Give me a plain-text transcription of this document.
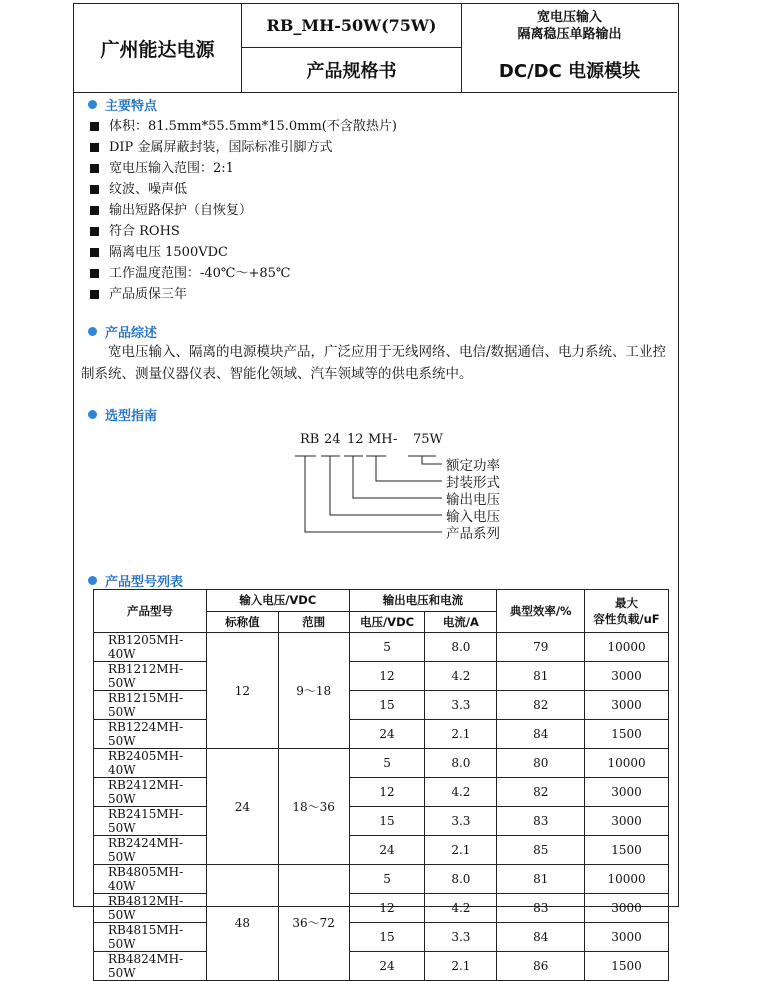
广州能达电源
RB_MH-50W(75W)
产品规格书
宽电压输入
隔离稳压单路输出
DC/DC 电源模块
主要特点
体积：81.5mm*55.5mm*15.0mm(不含散热片)
DIP 金属屏蔽封装，国际标准引脚方式
宽电压输入范围：2:1
纹波、噪声低
输出短路保护（自恢复）
符合 ROHS
隔离电压 1500VDC
工作温度范围：-40℃～+85℃
产品质保三年
产品综述
宽电压输入、隔离的电源模块产品，广泛应用于无线网络、电信/数据通信、电力系统、工业控制系统、测量仪器仪表、智能化领域、汽车领域等的供电系统中。
选型指南
RB 24 12 MH - 75W
额定功率
封装形式
输出电压
输入电压
产品系列
产品型号列表
产品型号	输入电压/VDC		输出电压和电流		典型效率/%	最大
容性负载/uF

	标称值	范围	电压/VDC	电流/A		
RB1205MH-40W	12	9～18	5	8.0	79	10000
RB1212MH-50W			12	4.2	81	3000
RB1215MH-50W			15	3.3	82	3000
RB1224MH-50W			24	2.1	84	1500
RB2405MH-40W	24	18～36	5	8.0	80	10000
RB2412MH-50W			12	4.2	82	3000
RB2415MH-50W			15	3.3	83	3000
RB2424MH-50W			24	2.1	85	1500
RB4805MH-40W	48	36～72	5	8.0	81	10000
RB4812MH-50W			12	4.2	83	3000
RB4815MH-50W			15	3.3	84	3000
RB4824MH-50W			24	2.1	86	1500
